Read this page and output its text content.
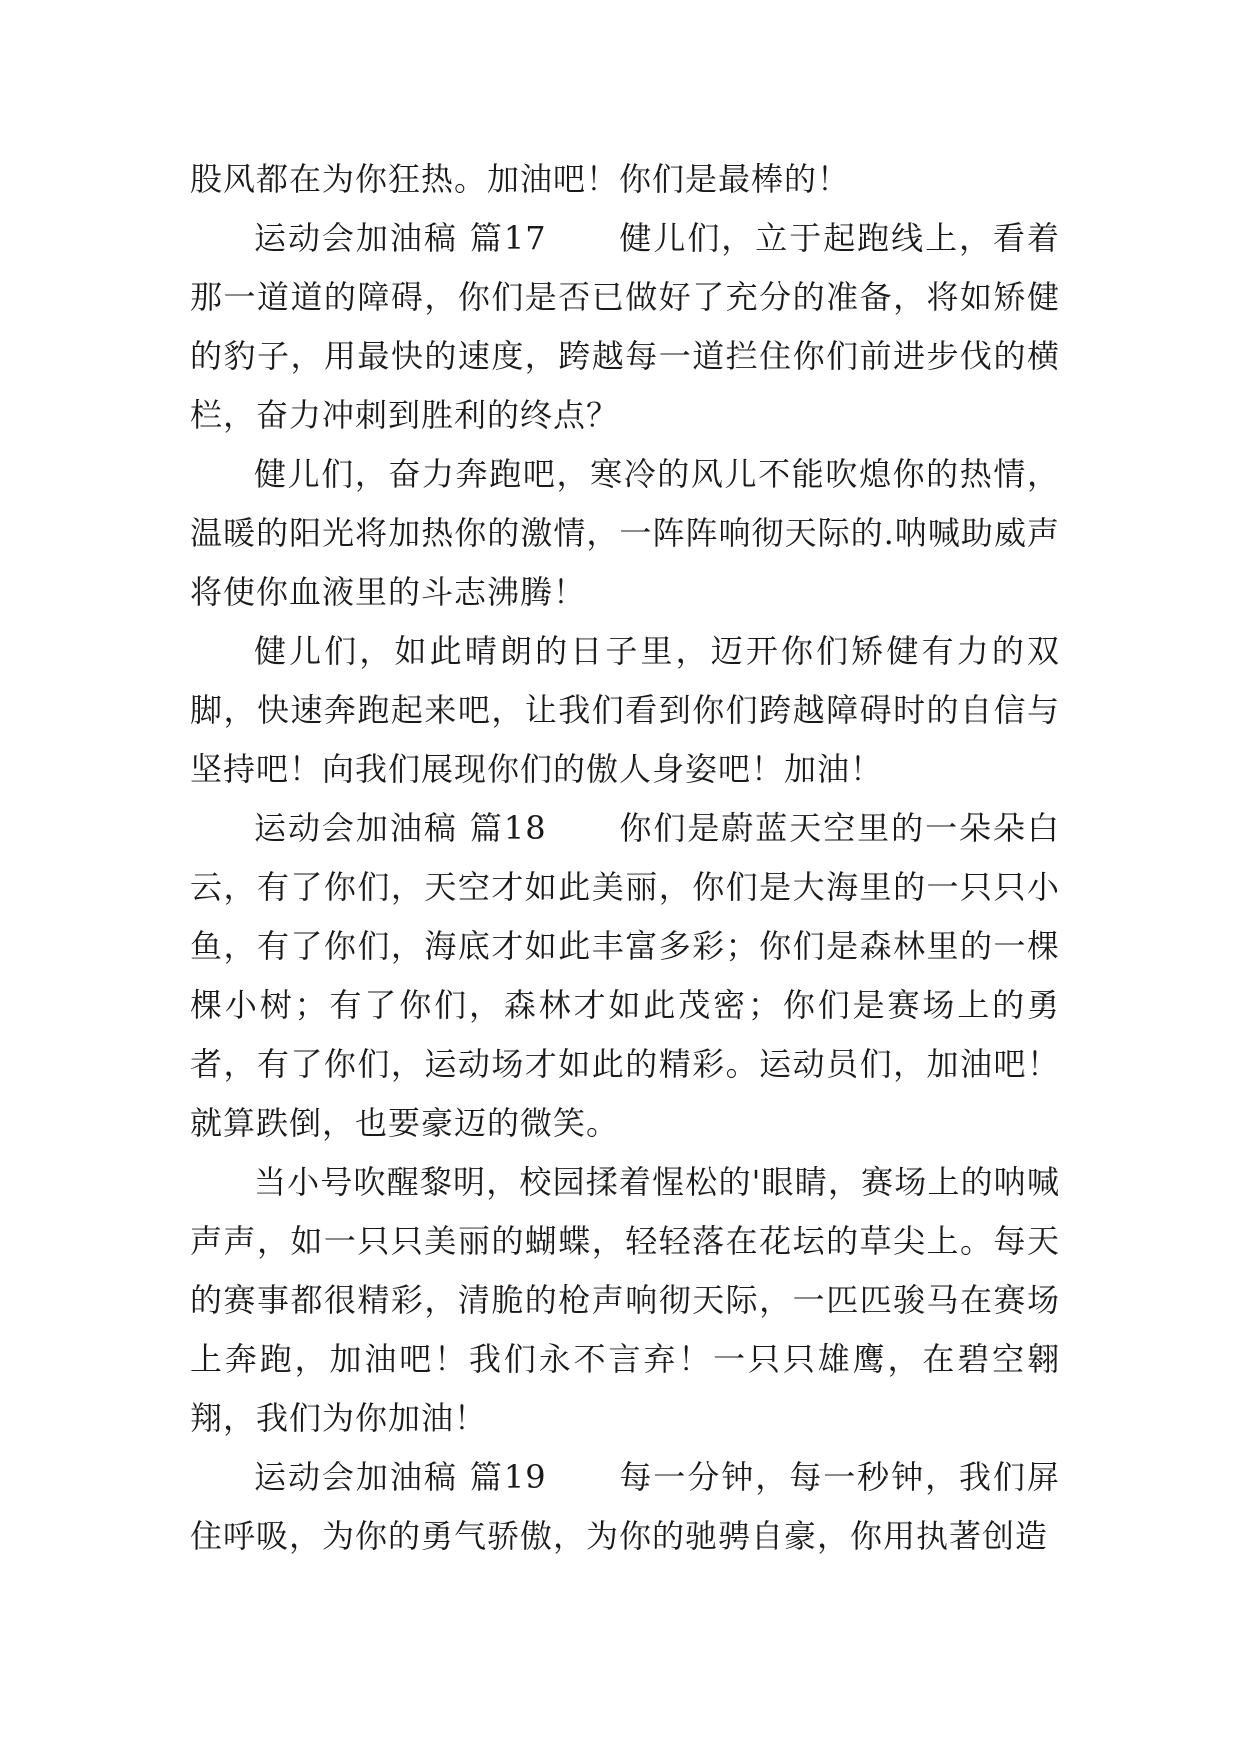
股风都在为你狂热。加油吧！你们是最棒的！

运动会加油稿 篇17 健儿们，立于起跑线上，看着那一道道的障碍，你们是否已做好了充分的准备，将如矫健的豹子，用最快的速度，跨越每一道拦住你们前进步伐的横栏，奋力冲刺到胜利的终点？

健儿们，奋力奔跑吧，寒冷的风儿不能吹熄你的热情，温暖的阳光将加热你的激情，一阵阵响彻天际的.呐喊助威声将使你血液里的斗志沸腾！

健儿们，如此晴朗的日子里，迈开你们矫健有力的双脚，快速奔跑起来吧，让我们看到你们跨越障碍时的自信与坚持吧！向我们展现你们的傲人身姿吧！加油！

运动会加油稿 篇18 你们是蔚蓝天空里的一朵朵白云，有了你们，天空才如此美丽，你们是大海里的一只只小鱼，有了你们，海底才如此丰富多彩；你们是森林里的一棵棵小树；有了你们，森林才如此茂密；你们是赛场上的勇者，有了你们，运动场才如此的精彩。运动员们，加油吧！就算跌倒，也要豪迈的微笑。

当小号吹醒黎明，校园揉着惺松的'眼睛，赛场上的呐喊声声，如一只只美丽的蝴蝶，轻轻落在花坛的草尖上。每天的赛事都很精彩，清脆的枪声响彻天际，一匹匹骏马在赛场上奔跑，加油吧！我们永不言弃！一只只雄鹰，在碧空翱翔，我们为你加油！

运动会加油稿 篇19 每一分钟，每一秒钟，我们屏住呼吸，为你的勇气骄傲，为你的驰骋自豪，你用执著创造
